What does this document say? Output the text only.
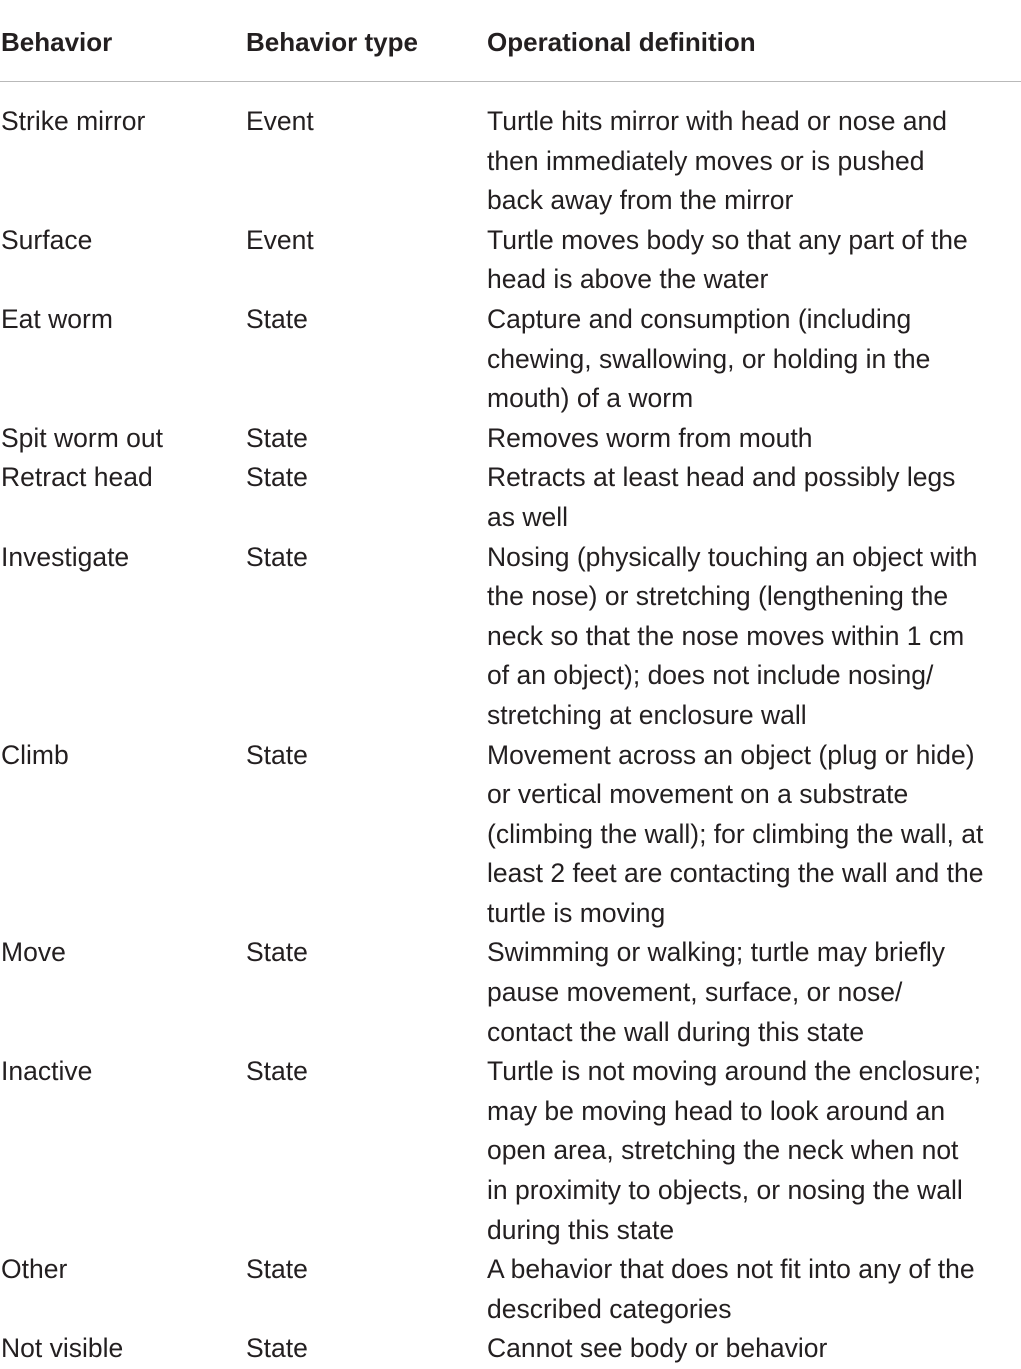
Behavior	Behavior type	Operational definition
Strike mirror	Event	Turtle hits mirror with head or nose and
then immediately moves or is pushed
back away from the mirror
Surface	Event	Turtle moves body so that any part of the
head is above the water
Eat worm	State	Capture and consumption (including
chewing, swallowing, or holding in the
mouth) of a worm
Spit worm out	State	Removes worm from mouth
Retract head	State	Retracts at least head and possibly legs
as well
Investigate	State	Nosing (physically touching an object with
the nose) or stretching (lengthening the
neck so that the nose moves within 1 cm
of an object); does not include nosing/
stretching at enclosure wall
Climb	State	Movement across an object (plug or hide)
or vertical movement on a substrate
(climbing the wall); for climbing the wall, at
least 2 feet are contacting the wall and the
turtle is moving
Move	State	Swimming or walking; turtle may briefly
pause movement, surface, or nose/
contact the wall during this state
Inactive	State	Turtle is not moving around the enclosure;
may be moving head to look around an
open area, stretching the neck when not
in proximity to objects, or nosing the wall
during this state
Other	State	A behavior that does not fit into any of the
described categories
Not visible	State	Cannot see body or behavior
